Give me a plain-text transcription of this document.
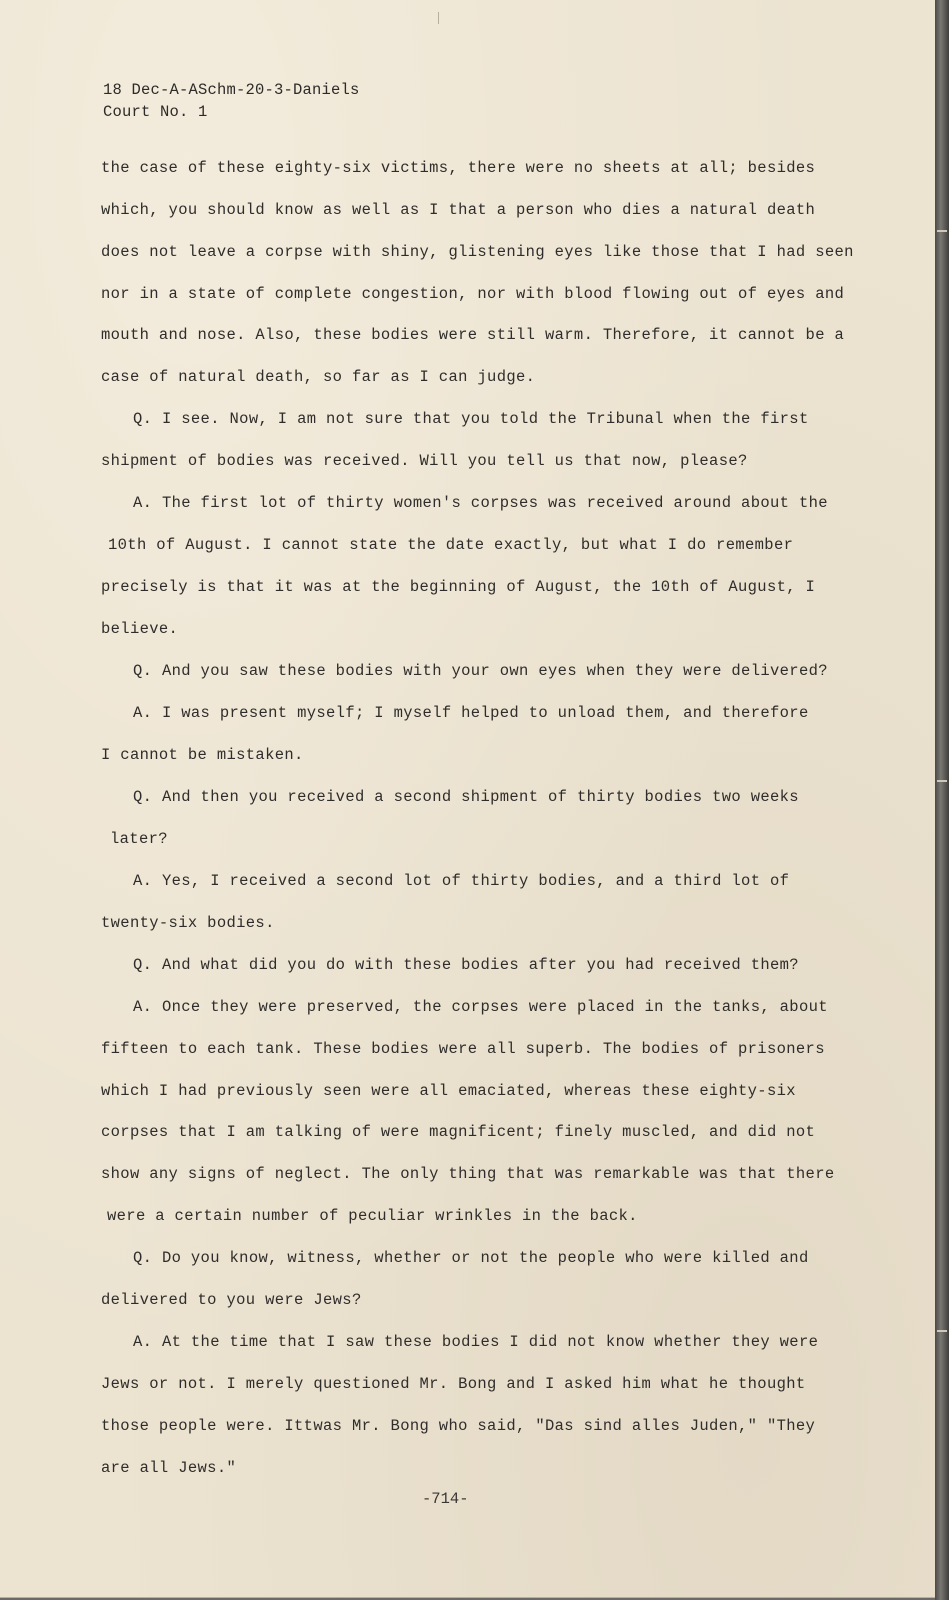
18 Dec-A-ASchm-20-3-Daniels
Court No. 1
the case of these eighty-six victims, there were no sheets at all; besides
which, you should know as well as I that a person who dies a natural death
does not leave a corpse with shiny, glistening eyes like those that I had seen
nor in a state of complete congestion, nor with blood flowing out of eyes and
mouth and nose. Also, these bodies were still warm. Therefore, it cannot be a
case of natural death, so far as I can judge.
Q. I see. Now, I am not sure that you told the Tribunal when the first
shipment of bodies was received. Will you tell us that now, please?
A. The first lot of thirty women's corpses was received around about the
10th of August. I cannot state the date exactly, but what I do remember
precisely is that it was at the beginning of August, the 10th of August, I
believe.
Q. And you saw these bodies with your own eyes when they were delivered?
A. I was present myself; I myself helped to unload them, and therefore
I cannot be mistaken.
Q. And then you received a second shipment of thirty bodies two weeks
later?
A. Yes, I received a second lot of thirty bodies, and a third lot of
twenty-six bodies.
Q. And what did you do with these bodies after you had received them?
A. Once they were preserved, the corpses were placed in the tanks, about
fifteen to each tank. These bodies were all superb. The bodies of prisoners
which I had previously seen were all emaciated, whereas these eighty-six
corpses that I am talking of were magnificent; finely muscled, and did not
show any signs of neglect. The only thing that was remarkable was that there
were a certain number of peculiar wrinkles in the back.
Q. Do you know, witness, whether or not the people who were killed and
delivered to you were Jews?
A. At the time that I saw these bodies I did not know whether they were
Jews or not. I merely questioned Mr. Bong and I asked him what he thought
those people were. Ittwas Mr. Bong who said, "Das sind alles Juden," "They
are all Jews."
-714-
